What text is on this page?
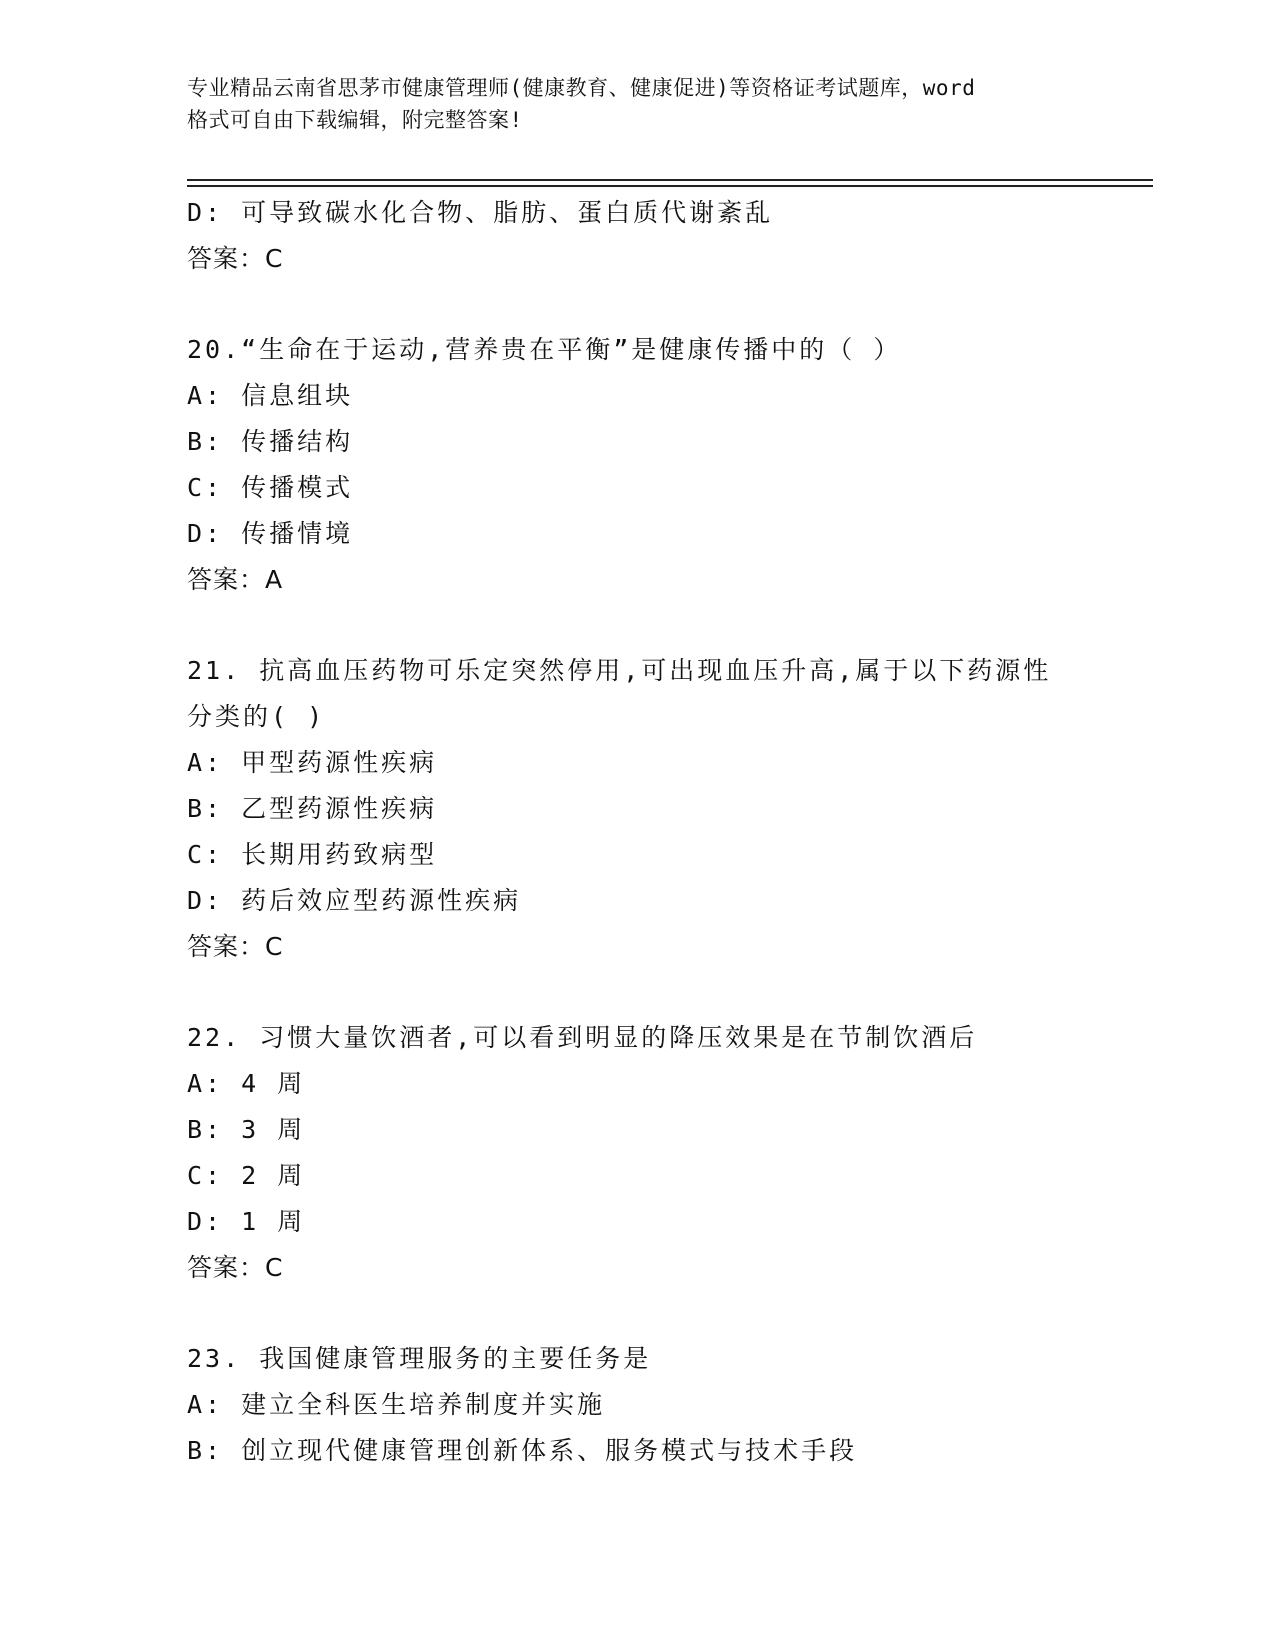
专业精品云南省思茅市健康管理师(健康教育、健康促进)等资格证考试题库，word
格式可自由下载编辑，附完整答案!
D: 可导致碳水化合物、脂肪、蛋白质代谢紊乱
答案：C
20.“生命在于运动,营养贵在平衡”是健康传播中的（ ）
A: 信息组块
B: 传播结构
C: 传播模式
D: 传播情境
答案：A
21. 抗高血压药物可乐定突然停用,可出现血压升高,属于以下药源性
分类的( )
A: 甲型药源性疾病
B: 乙型药源性疾病
C: 长期用药致病型
D: 药后效应型药源性疾病
答案：C
22. 习惯大量饮酒者,可以看到明显的降压效果是在节制饮酒后
A: 4 周
B: 3 周
C: 2 周
D: 1 周
答案：C
23. 我国健康管理服务的主要任务是
A: 建立全科医生培养制度并实施
B: 创立现代健康管理创新体系、服务模式与技术手段
